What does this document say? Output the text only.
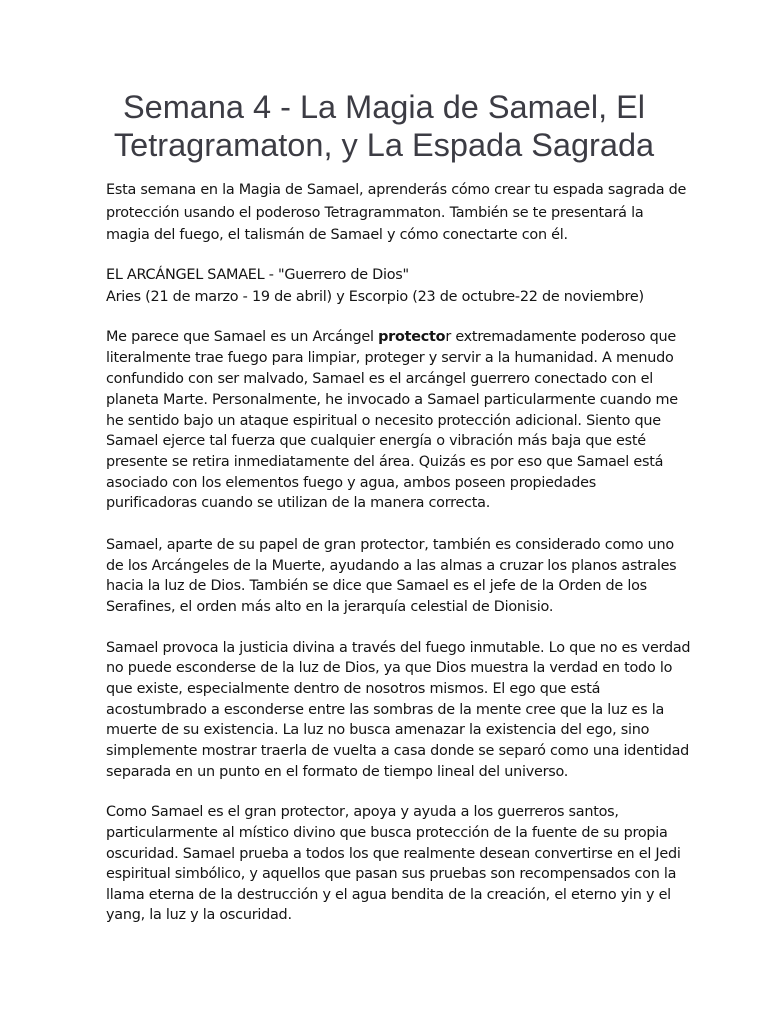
Semana 4 - La Magia de Samael, El
Tetragramaton, y La Espada Sagrada

Esta semana en la Magia de Samael, aprenderás cómo crear tu espada sagrada de

protección usando el poderoso Tetragrammaton. También se te presentará la

magia del fuego, el talismán de Samael y cómo conectarte con él.

EL ARCÁNGEL SAMAEL - "Guerrero de Dios"

Aries (21 de marzo - 19 de abril) y Escorpio (23 de octubre-22 de noviembre)

Me parece que Samael es un Arcángel protector extremadamente poderoso que

literalmente trae fuego para limpiar, proteger y servir a la humanidad. A menudo

confundido con ser malvado, Samael es el arcángel guerrero conectado con el

planeta Marte. Personalmente, he invocado a Samael particularmente cuando me

he sentido bajo un ataque espiritual o necesito protección adicional. Siento que

Samael ejerce tal fuerza que cualquier energía o vibración más baja que esté

presente se retira inmediatamente del área. Quizás es por eso que Samael está

asociado con los elementos fuego y agua, ambos poseen propiedades

purificadoras cuando se utilizan de la manera correcta.

Samael, aparte de su papel de gran protector, también es considerado como uno

de los Arcángeles de la Muerte, ayudando a las almas a cruzar los planos astrales

hacia la luz de Dios. También se dice que Samael es el jefe de la Orden de los

Serafines, el orden más alto en la jerarquía celestial de Dionisio.

Samael provoca la justicia divina a través del fuego inmutable. Lo que no es verdad

no puede esconderse de la luz de Dios, ya que Dios muestra la verdad en todo lo

que existe, especialmente dentro de nosotros mismos. El ego que está

acostumbrado a esconderse entre las sombras de la mente cree que la luz es la

muerte de su existencia. La luz no busca amenazar la existencia del ego, sino

simplemente mostrar traerla de vuelta a casa donde se separó como una identidad

separada en un punto en el formato de tiempo lineal del universo.

Como Samael es el gran protector, apoya y ayuda a los guerreros santos,

particularmente al místico divino que busca protección de la fuente de su propia

oscuridad. Samael prueba a todos los que realmente desean convertirse en el Jedi

espiritual simbólico, y aquellos que pasan sus pruebas son recompensados con la

llama eterna de la destrucción y el agua bendita de la creación, el eterno yin y el

yang, la luz y la oscuridad.
